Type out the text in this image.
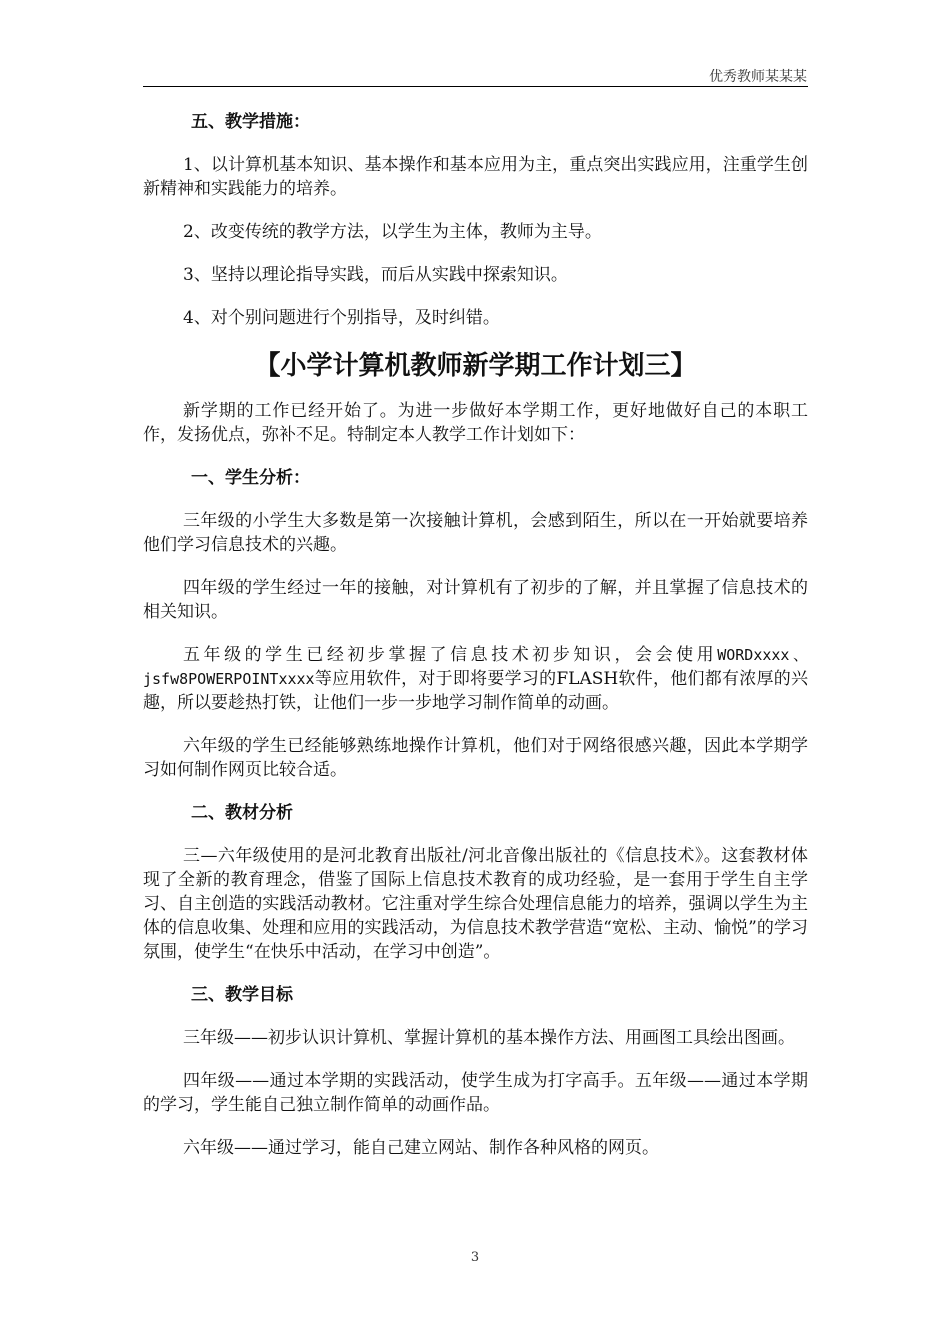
优秀教师某某某
五、教学措施：
1、以计算机基本知识、基本操作和基本应用为主，重点突出实践应用，注重学生创新精神和实践能力的培养。
2、改变传统的教学方法，以学生为主体，教师为主导。
3、坚持以理论指导实践，而后从实践中探索知识。
4、对个别问题进行个别指导，及时纠错。
【小学计算机教师新学期工作计划三】
新学期的工作已经开始了。为进一步做好本学期工作，更好地做好自己的本职工作，发扬优点，弥补不足。特制定本人教学工作计划如下：
一、学生分析：
三年级的小学生大多数是第一次接触计算机，会感到陌生，所以在一开始就要培养他们学习信息技术的兴趣。
四年级的学生经过一年的接触，对计算机有了初步的了解，并且掌握了信息技术的相关知识。
五年级的学生已经初步掌握了信息技术初步知识，会会使用WORDxxxx、jsfw8POWERPOINTxxxx等应用软件，对于即将要学习的FLASH软件，他们都有浓厚的兴趣，所以要趁热打铁，让他们一步一步地学习制作简单的动画。
六年级的学生已经能够熟练地操作计算机，他们对于网络很感兴趣，因此本学期学习如何制作网页比较合适。
二、教材分析
三—六年级使用的是河北教育出版社/河北音像出版社的《信息技术》。这套教材体现了全新的教育理念，借鉴了国际上信息技术教育的成功经验，是一套用于学生自主学习、自主创造的实践活动教材。它注重对学生综合处理信息能力的培养，强调以学生为主体的信息收集、处理和应用的实践活动，为信息技术教学营造“宽松、主动、愉悦”的学习氛围，使学生“在快乐中活动，在学习中创造”。
三、教学目标
三年级——初步认识计算机、掌握计算机的基本操作方法、用画图工具绘出图画。
四年级——通过本学期的实践活动，使学生成为打字高手。五年级——通过本学期的学习，学生能自己独立制作简单的动画作品。
六年级——通过学习，能自己建立网站、制作各种风格的网页。
3
